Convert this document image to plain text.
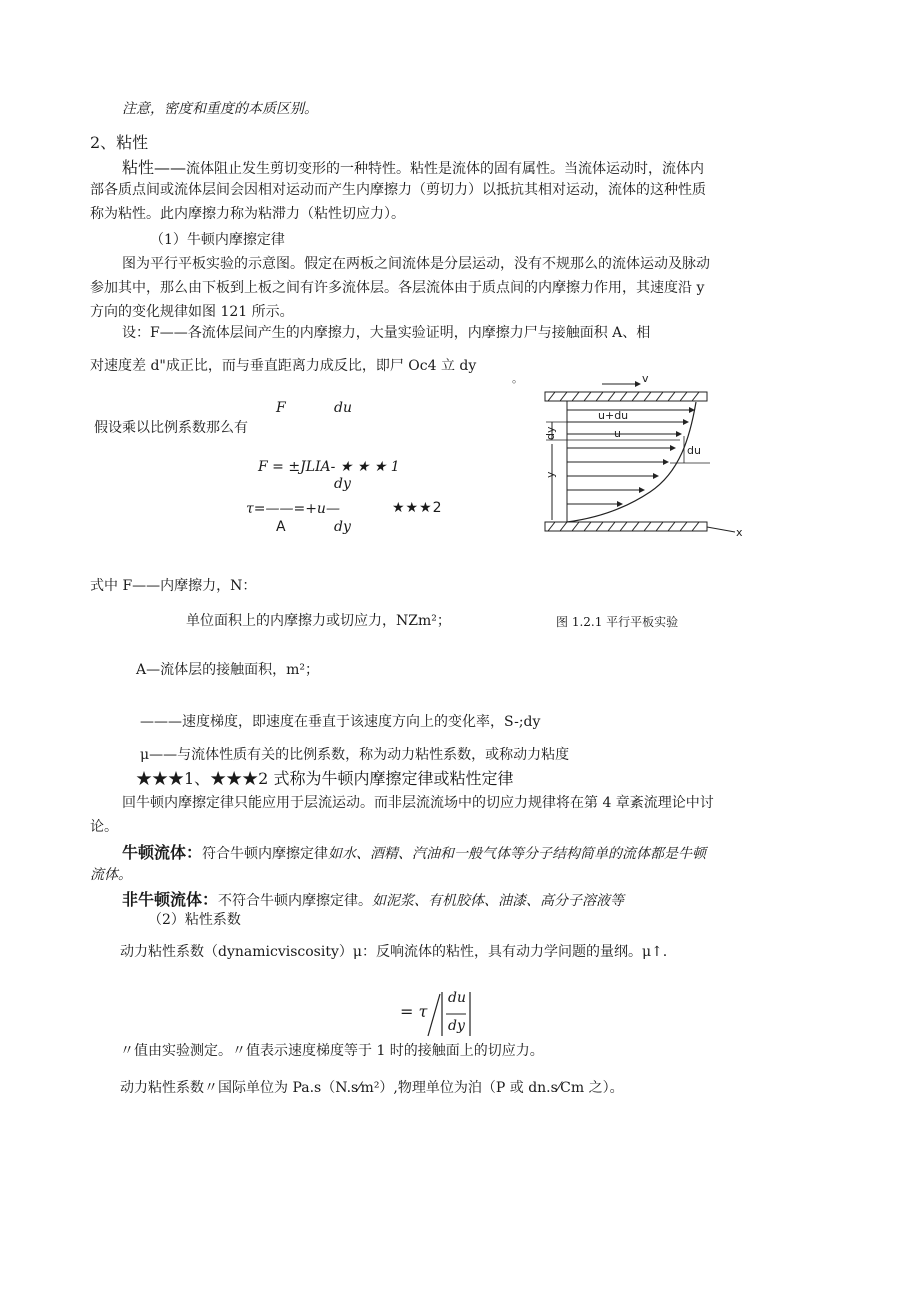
注意，密度和重度的本质区别。
2、粘性
粘性——流体阻止发生剪切变形的一种特性。粘性是流体的固有属性。当流体运动时，流体内
部各质点间或流体层间会因相对运动而产生内摩擦力（剪切力）以抵抗其相对运动，流体的这种性质
称为粘性。此内摩擦力称为粘滞力（粘性切应力）。
（1）牛顿内摩擦定律
图为平行平板实验的示意图。假定在两板之间流体是分层运动，没有不规那么的流体运动及脉动
参加其中，那么由下板到上板之间有许多流体层。各层流体由于质点间的内摩擦力作用，其速度沿 y
方向的变化规律如图 121 所示。
设：F——各流体层间产生的内摩擦力，大量实验证明，内摩擦力尸与接触面积 A、相
对速度差 d"成正比，而与垂直距离力成反比，即尸 Oc4 立 dy
F	du
假设乘以比例系数那么有
F = ±JLIA- ★ ★ ★ 1
dy
τ=——=+u—	★★★2
A	dy
。	v
x
dy
y
u+du
u
du
图 1.2.1 平行平板实验
式中 F——内摩擦力，N：
单位面积上的内摩擦力或切应力，NZm²；
A—流体层的接触面积，m²；
———速度梯度，即速度在垂直于该速度方向上的变化率，S-;dy
μ——与流体性质有关的比例系数，称为动力粘性系数，或称动力粘度
★★★1、★★★2 式称为牛顿内摩擦定律或粘性定律
回牛顿内摩擦定律只能应用于层流运动。而非层流流场中的切应力规律将在第 4 章紊流理论中讨
论。
牛顿流体：符合牛顿内摩擦定律如水、酒精、汽油和一般气体等分子结构简单的流体都是牛顿
流体。
非牛顿流体：不符合牛顿内摩擦定律。如泥浆、有机胶体、油漆、高分子溶液等
（2）粘性系数
动力粘性系数（dynamicviscosity）μ：反响流体的粘性，具有动力学问题的量纲。μ↑.
= τ
du
dy
〃值由实验测定。〃值表示速度梯度等于 1 时的接触面上的切应力。
动力粘性系数〃国际单位为 Pa.s（N.s⁄m²）,物理单位为泊（P 或 dn.s⁄Cm 之）。
